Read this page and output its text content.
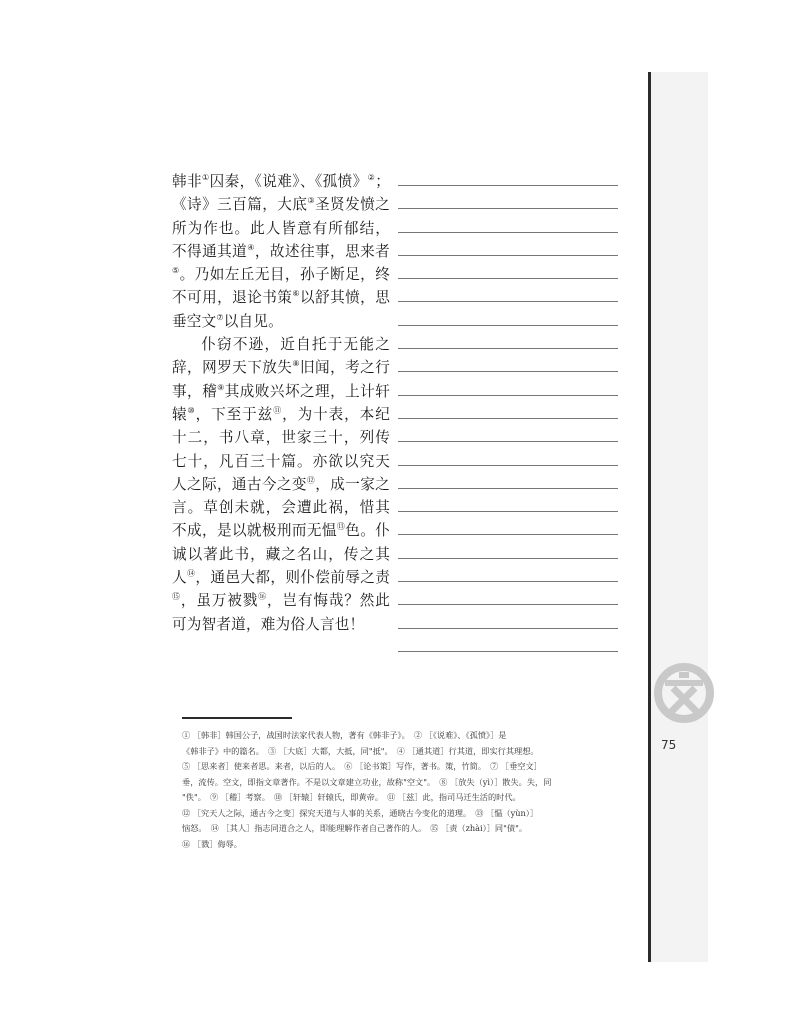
韩非①囚秦，《说难》、《孤愤》②；《诗》三百篇，大底③圣贤发愤之所为作也。此人皆意有所郁结，不得通其道④，故述往事，思来者⑤。乃如左丘无目，孙子断足，终不可用，退论书策⑥以舒其愤，思垂空文⑦以自见。

仆窃不逊，近自托于无能之辞，网罗天下放失⑧旧闻，考之行事，稽⑨其成败兴坏之理，上计轩辕⑩，下至于兹⑪，为十表，本纪十二，书八章，世家三十，列传七十，凡百三十篇。亦欲以究天人之际，通古今之变⑫，成一家之言。草创未就，会遭此祸，惜其不成，是以就极刑而无愠⑬色。仆诚以著此书，藏之名山，传之其人⑭，通邑大都，则仆偿前辱之责⑮，虽万被戮⑯，岂有悔哉？然此可为智者道，难为俗人言也！

① ［韩非］韩国公子，战国时法家代表人物，著有《韩非子》。　② ［《说难》、《孤愤》］是
《韩非子》中的篇名。　③ ［大底］大都，大抵，同"抵"。　④ ［通其道］行其道，即实行其理想。
⑤ ［思来者］使来者思。来者，以后的人。　⑥ ［论书策］写作，著书。策，竹简。　⑦ ［垂空文］
垂，流传。空文，即指文章著作。不是以文章建立功业，故称"空文"。　⑧ ［放失（yì）］散失。失，同
"佚"。　⑨ ［稽］考察。　⑩ ［轩辕］轩辕氏，即黄帝。　⑪ ［兹］此，指司马迁生活的时代。
⑫ ［究天人之际，通古今之变］探究天道与人事的关系，通晓古今变化的道理。　⑬ ［愠（yùn）］
恼怒。　⑭ ［其人］指志同道合之人，即能理解作者自己著作的人。　⑮ ［责（zhài）］同"债"。
⑯ ［戮］侮辱。
75
